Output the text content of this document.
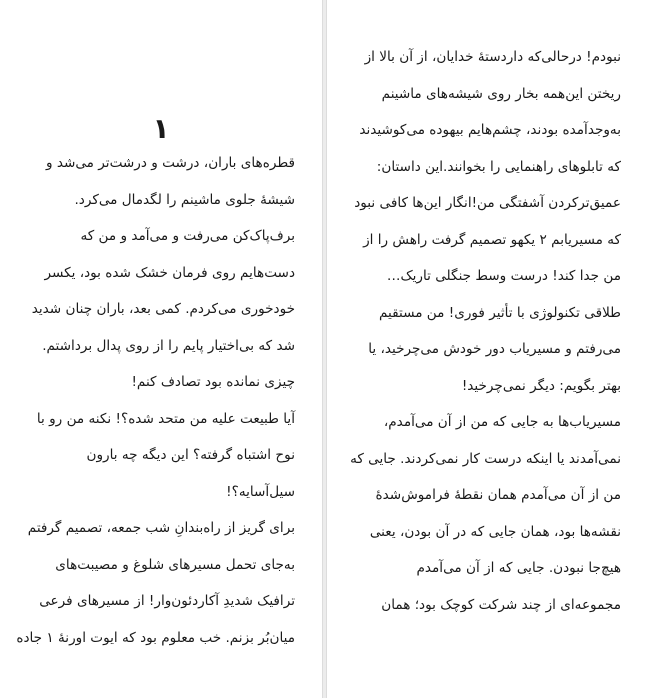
۱
قطره‌های باران، درشت و درشت‌تر می‌شد و
شیشهٔ جلوی ماشینم را لگدمال می‌کرد.
برف‌پاک‌کن می‌رفت و می‌آمد و من که
دست‌هایم روی فرمان خشک شده بود، یکسر
خودخوری می‌کردم. کمی بعد، باران چنان شدید
شد که بی‌اختیار پایم را از روی پدال برداشتم.
چیزی نمانده بود تصادف کنم!
آیا طبیعت علیه من متحد شده؟! نکنه من رو با
نوح اشتباه گرفته؟ این دیگه چه بارون
سیل‌آسایه‌؟!
برای گریز از راه‌بندانِ شب جمعه، تصمیم گرفتم
به‌جای تحمل مسیرهای شلوغ و مصیبت‌های
ترافیک شدیدِ آکاردئون‌وار! از مسیرهای فرعی
میان‌بُر بزنم. خب معلوم بود که ایوت اورنهٔ ۱ جاده
نبودم! درحالی‌که داردستهٔ خدایان، از آن بالا از
ریختن این‌همه بخار روی شیشه‌های ماشینم
به‌وجدآمده بودند، چشم‌هایم بیهوده می‌کوشیدند
که تابلوهای راهنمایی را بخوانند.این داستان:
عمیق‌ترکردن آشفتگی من!انگار این‌ها کافی نبود
که مسیریابم ۲ یکهو تصمیم گرفت راهش را از
من جدا کند! درست وسط جنگلی تاریک…
طلاقی تکنولوژی با تأثیر فوری! من مستقیم
می‌رفتم و مسیریاب دور خودش می‌چرخید، یا
بهتر بگویم: دیگر نمی‌چرخید!
مسیریاب‌ها به جایی که من از آن می‌آمدم،
نمی‌آمدند یا اینکه درست کار نمی‌کردند. جایی که
من از آن می‌آمدم همان نقطهٔ فراموش‌شدهٔ
نقشه‌ها بود، همان جایی که در آن بودن، یعنی
هیچ‌جا نبودن. جایی که از آن می‌آمدم
مجموعه‌ای از چند شرکت کوچک بود؛ همان
